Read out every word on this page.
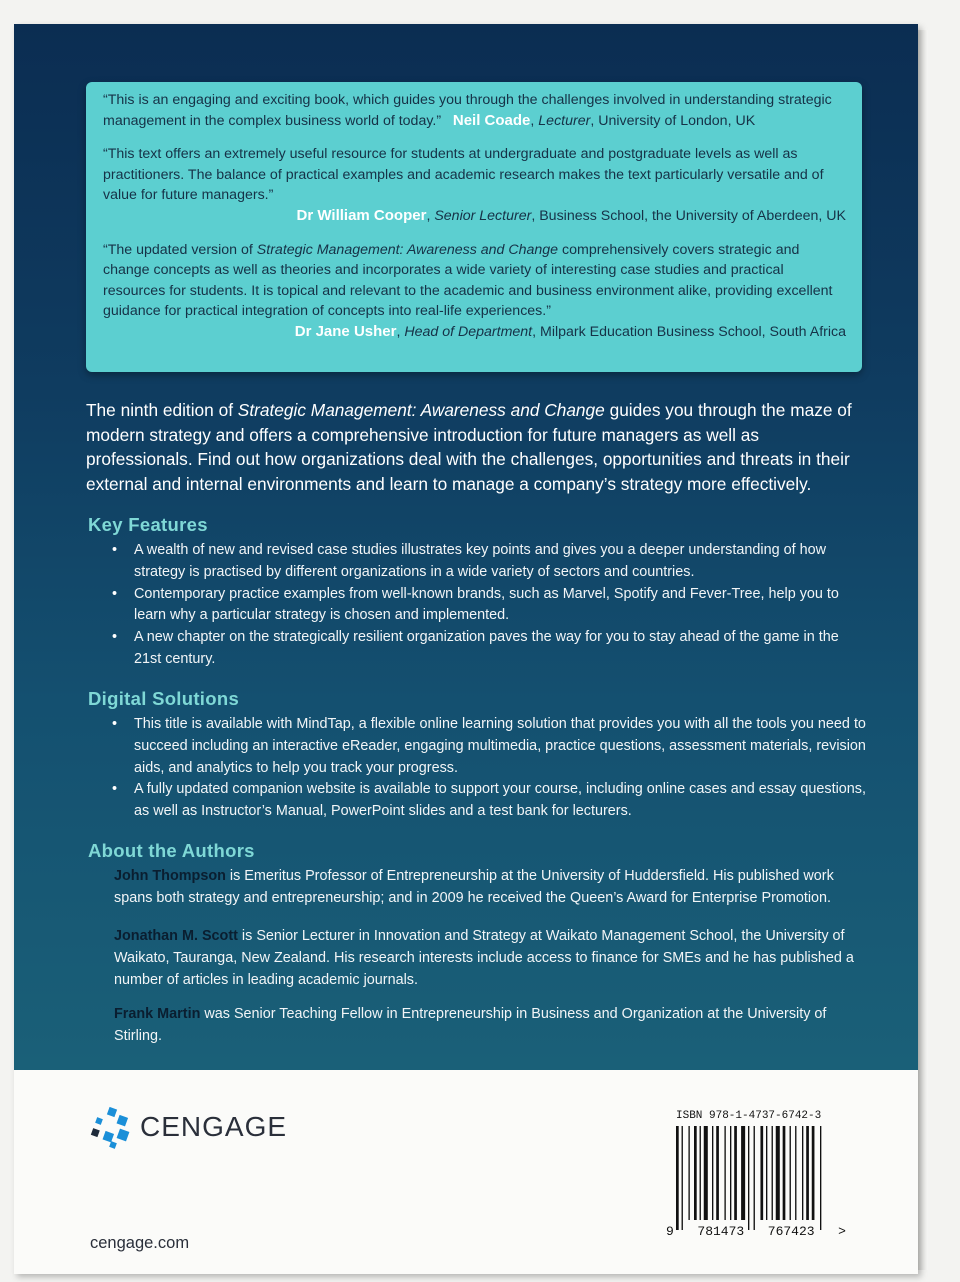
“This is an engaging and exciting book, which guides you through the challenges involved in understanding strategic management in the complex business world of today.” Neil Coade, Lecturer, University of London, UK
“This text offers an extremely useful resource for students at undergraduate and postgraduate levels as well as practitioners. The balance of practical examples and academic research makes the text particularly versatile and of value for future managers.”
Dr William Cooper, Senior Lecturer, Business School, the University of Aberdeen, UK
“The updated version of Strategic Management: Awareness and Change comprehensively covers strategic and change concepts as well as theories and incorporates a wide variety of interesting case studies and practical resources for students. It is topical and relevant to the academic and business environment alike, providing excellent guidance for practical integration of concepts into real-life experiences.”
Dr Jane Usher, Head of Department, Milpark Education Business School, South Africa
The ninth edition of Strategic Management: Awareness and Change guides you through the maze of modern strategy and offers a comprehensive introduction for future managers as well as professionals. Find out how organizations deal with the challenges, opportunities and threats in their external and internal environments and learn to manage a company’s strategy more effectively.
Key Features
• A wealth of new and revised case studies illustrates key points and gives you a deeper understanding of how strategy is practised by different organizations in a wide variety of sectors and countries.
• Contemporary practice examples from well-known brands, such as Marvel, Spotify and Fever-Tree, help you to learn why a particular strategy is chosen and implemented.
• A new chapter on the strategically resilient organization paves the way for you to stay ahead of the game in the 21st century.
Digital Solutions
• This title is available with MindTap, a flexible online learning solution that provides you with all the tools you need to succeed including an interactive eReader, engaging multimedia, practice questions, assessment materials, revision aids, and analytics to help you track your progress.
• A fully updated companion website is available to support your course, including online cases and essay questions, as well as Instructor’s Manual, PowerPoint slides and a test bank for lecturers.
About the Authors
John Thompson is Emeritus Professor of Entrepreneurship at the University of Huddersfield. His published work spans both strategy and entrepreneurship; and in 2009 he received the Queen’s Award for Enterprise Promotion.
Jonathan M. Scott is Senior Lecturer in Innovation and Strategy at Waikato Management School, the University of Waikato, Tauranga, New Zealand. His research interests include access to finance for SMEs and he has published a number of articles in leading academic journals.
Frank Martin was Senior Teaching Fellow in Entrepreneurship in Business and Organization at the University of Stirling.
CENGAGE
cengage.com
ISBN 978-1-4737-6742-3
9 781473 767423 >
